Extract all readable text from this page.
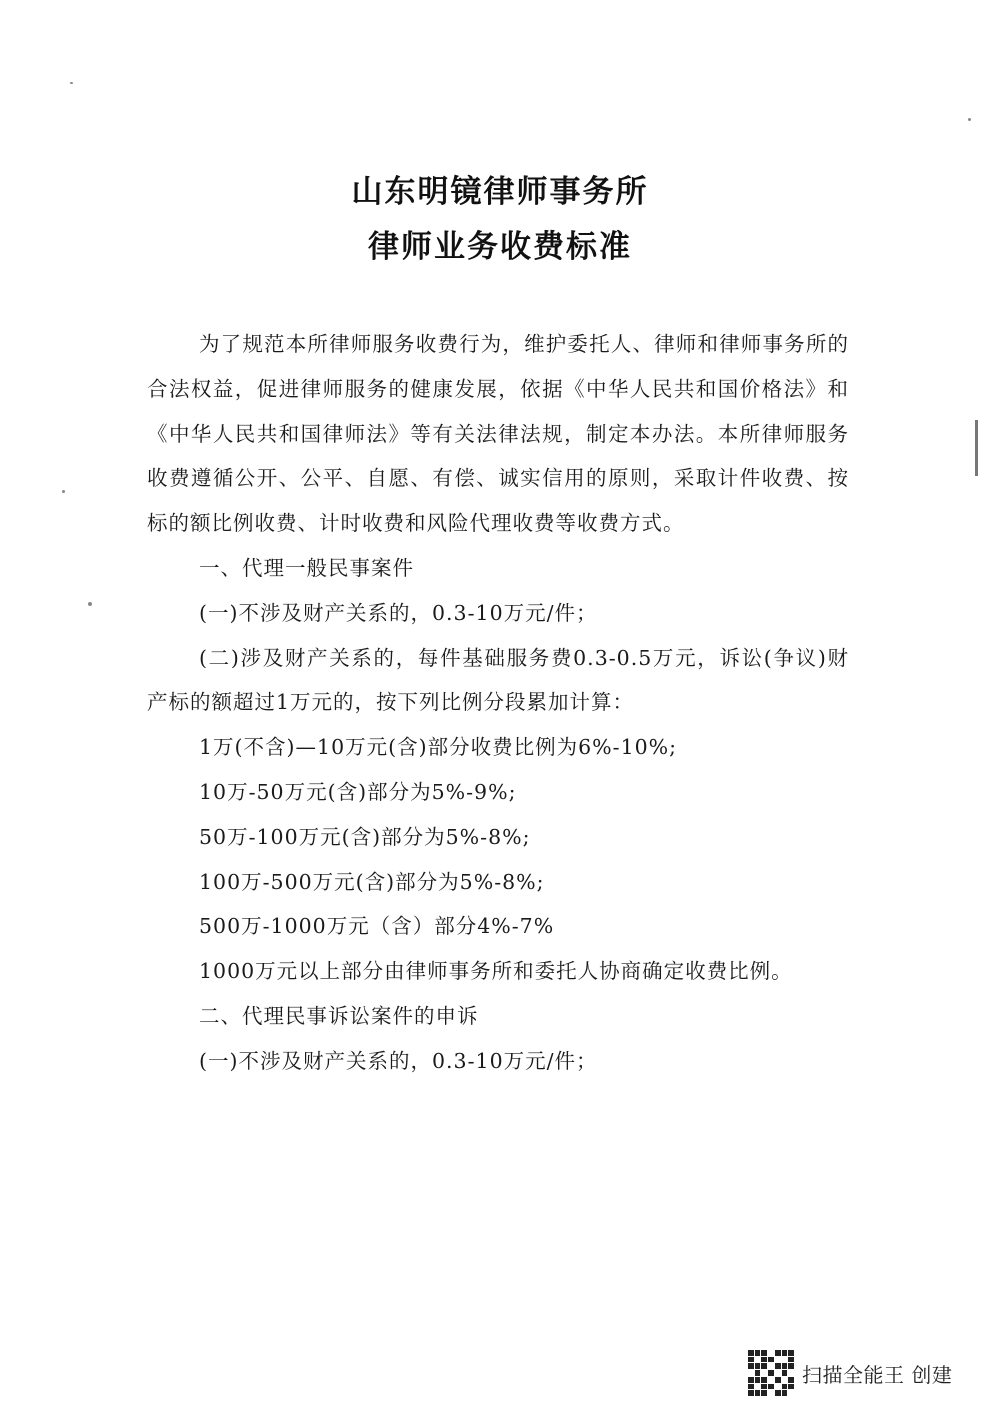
山东明镜律师事务所
律师业务收费标准

为了规范本所律师服务收费行为，维护委托人、律师和律师事务所的合法权益，促进律师服务的健康发展，依据《中华人民共和国价格法》和《中华人民共和国律师法》等有关法律法规，制定本办法。本所律师服务收费遵循公开、公平、自愿、有偿、诚实信用的原则，采取计件收费、按标的额比例收费、计时收费和风险代理收费等收费方式。

一、代理一般民事案件

(一)不涉及财产关系的，0.3-10万元/件；

(二)涉及财产关系的，每件基础服务费0.3-0.5万元，诉讼(争议)财产标的额超过1万元的，按下列比例分段累加计算：

1万(不含)—10万元(含)部分收费比例为6%-10%;

10万-50万元(含)部分为5%-9%;

50万-100万元(含)部分为5%-8%;

100万-500万元(含)部分为5%-8%;

500万-1000万元（含）部分4%-7%

1000万元以上部分由律师事务所和委托人协商确定收费比例。

二、代理民事诉讼案件的申诉

(一)不涉及财产关系的，0.3-10万元/件；

扫描全能王 创建
